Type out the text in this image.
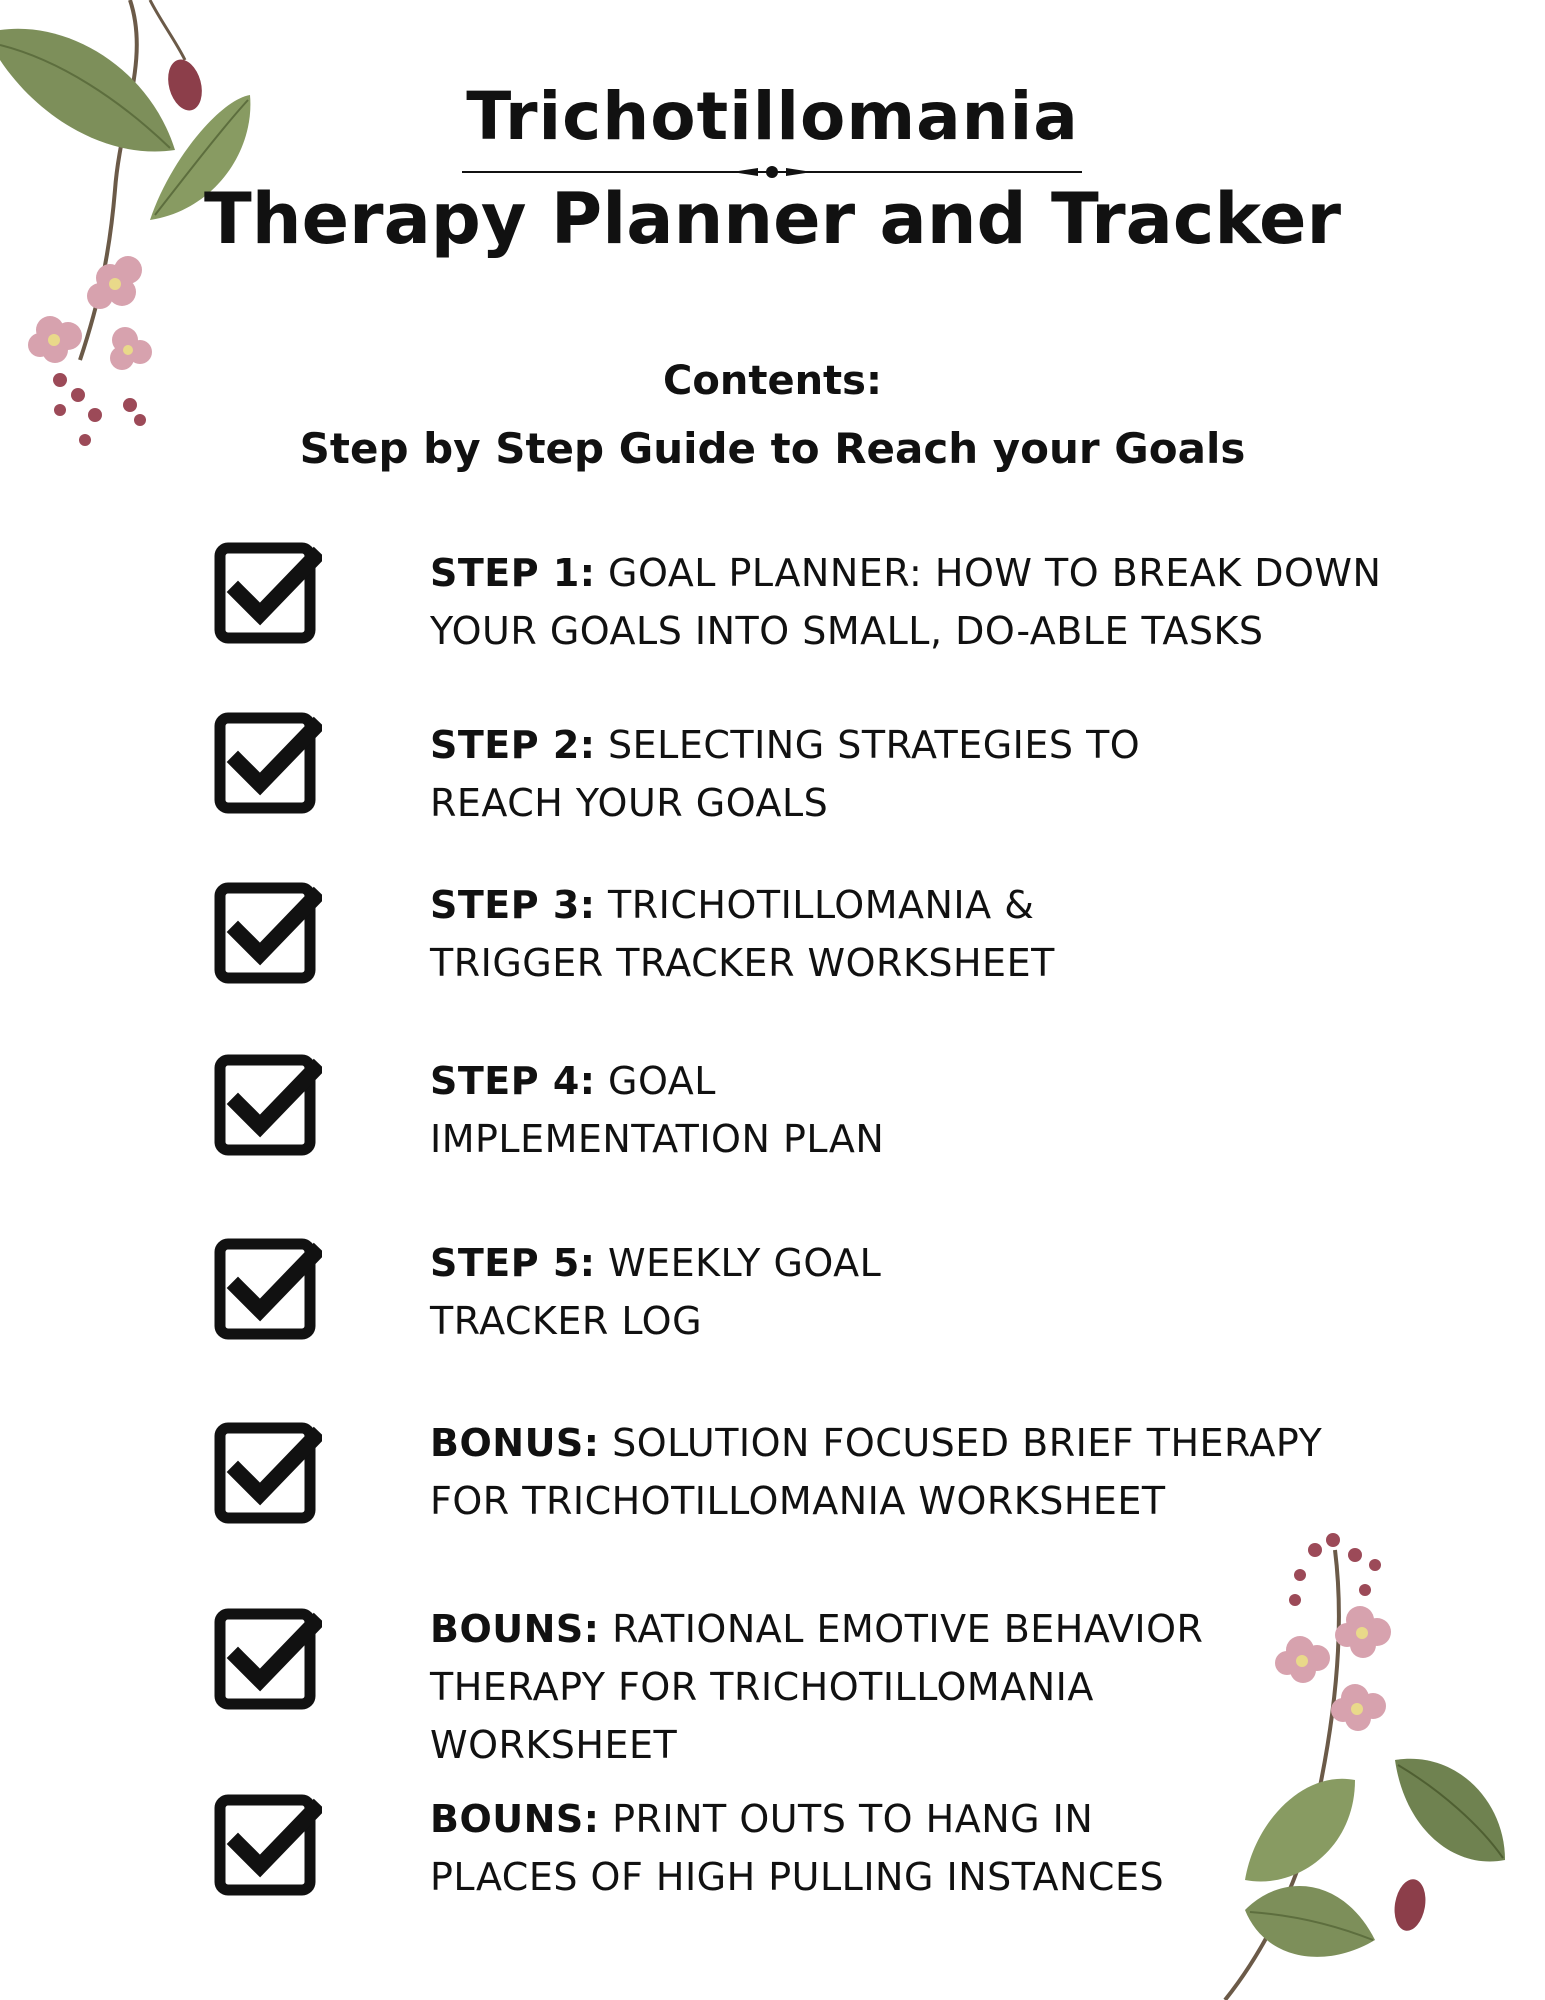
Trichotillomania
Therapy Planner and Tracker
Contents:
Step by Step Guide to Reach your Goals
STEP 1: GOAL PLANNER: HOW TO BREAK DOWN
YOUR GOALS INTO SMALL, DO-ABLE TASKS
STEP 2: SELECTING STRATEGIES TO
REACH YOUR GOALS
STEP 3: TRICHOTILLOMANIA &
TRIGGER TRACKER WORKSHEET
STEP 4: GOAL
IMPLEMENTATION PLAN
STEP 5: WEEKLY GOAL
TRACKER LOG
BONUS: SOLUTION FOCUSED BRIEF THERAPY
FOR TRICHOTILLOMANIA WORKSHEET
BOUNS: RATIONAL EMOTIVE BEHAVIOR
THERAPY FOR TRICHOTILLOMANIA
WORKSHEET
BOUNS: PRINT OUTS TO HANG IN
PLACES OF HIGH PULLING INSTANCES
